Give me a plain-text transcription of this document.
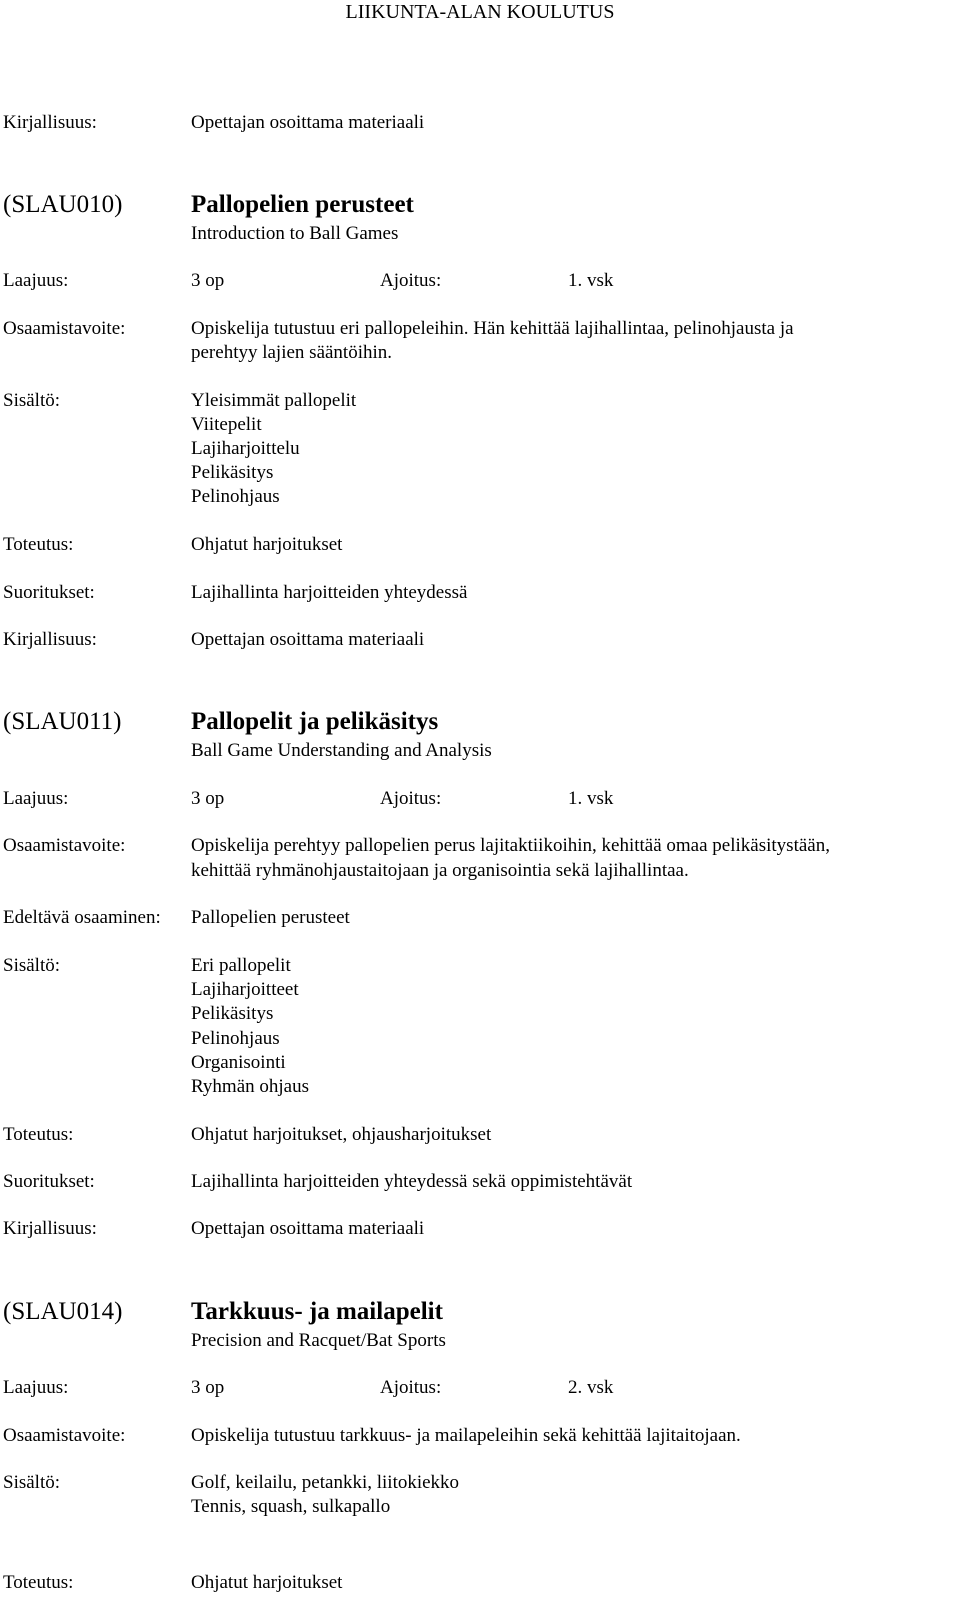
LIIKUNTA-ALAN KOULUTUS
Kirjallisuus:	Opettajan osoittama materiaali
(SLAU010)	Pallopelien perusteet
Introduction to Ball Games
Laajuus:	3 op	Ajoitus:	1. vsk
Osaamistavoite:	Opiskelija tutustuu eri pallopeleihin. Hän kehittää lajihallintaa, pelinohjausta ja
perehtyy lajien sääntöihin.
Sisältö:	Yleisimmät pallopelit
Viitepelit
Lajiharjoittelu
Pelikäsitys
Pelinohjaus
Toteutus:	Ohjatut harjoitukset
Suoritukset:	Lajihallinta harjoitteiden yhteydessä
Kirjallisuus:	Opettajan osoittama materiaali
(SLAU011)	Pallopelit ja pelikäsitys
Ball Game Understanding and Analysis
Laajuus:	3 op	Ajoitus:	1. vsk
Osaamistavoite:	Opiskelija perehtyy pallopelien perus lajitaktiikoihin, kehittää omaa pelikäsitystään,
kehittää ryhmänohjaustaitojaan ja organisointia sekä lajihallintaa.
Edeltävä osaaminen: Pallopelien perusteet
Sisältö:	Eri pallopelit
Lajiharjoitteet
Pelikäsitys
Pelinohjaus
Organisointi
Ryhmän ohjaus
Toteutus:	Ohjatut harjoitukset, ohjausharjoitukset
Suoritukset:	Lajihallinta harjoitteiden yhteydessä sekä oppimistehtävät
Kirjallisuus:	Opettajan osoittama materiaali
(SLAU014)	Tarkkuus- ja mailapelit
Precision and Racquet/Bat Sports
Laajuus:	3 op	Ajoitus:	2. vsk
Osaamistavoite:	Opiskelija tutustuu tarkkuus- ja mailapeleihin sekä kehittää lajitaitojaan.
Sisältö:	Golf, keilailu, petankki, liitokiekko
Tennis, squash, sulkapallo
Toteutus:	Ohjatut harjoitukset
